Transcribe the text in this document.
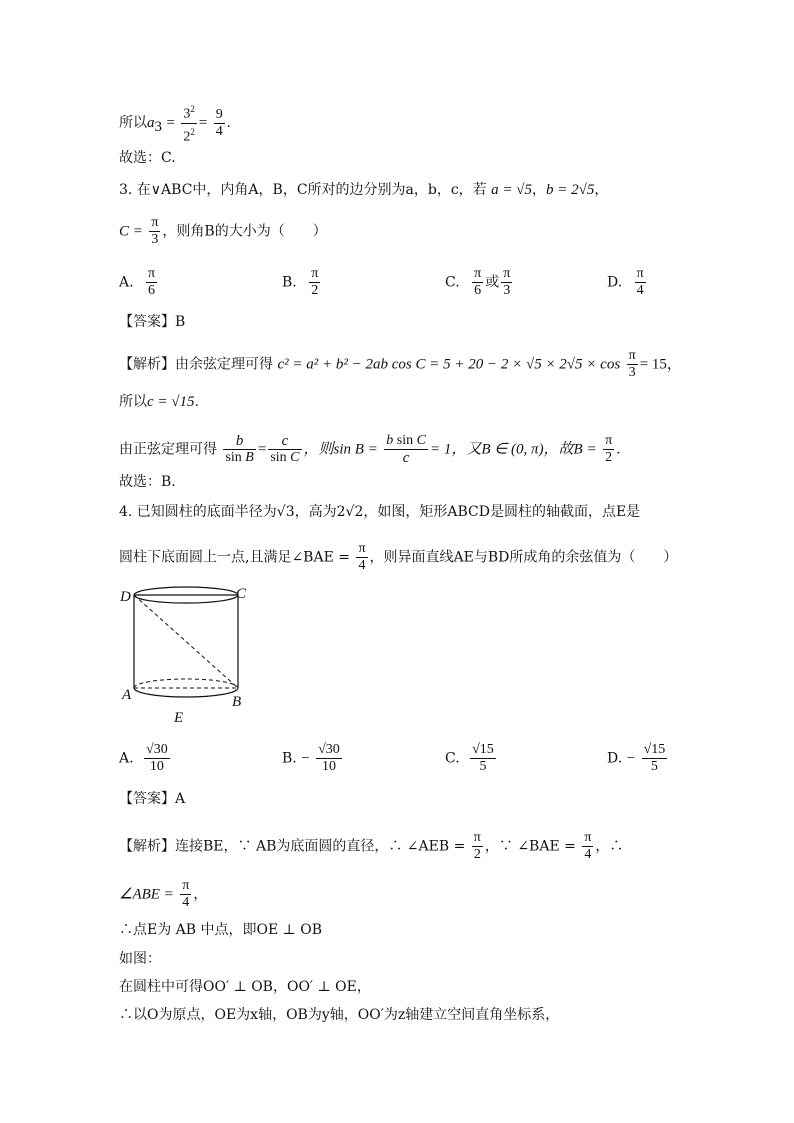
所以$a_3 = \frac{3^2}{2^2} = \frac{9}{4}$ .
故选：C.
3. 在∨ABC中，内角A，B，C所对的边分别为a，b，c，若 a = √5，b = 2√5，
$C = \frac{\pi}{3}$ ，则角B的大小为（　　）
A. $\frac{\pi}{6}$	B. $\frac{\pi}{2}$	C. $\frac{\pi}{6}$ 或 $\frac{\pi}{3}$	D. $\frac{\pi}{4}$
【答案】B
【解析】由余弦定理可得 c² = a² + b² − 2ab $\cos C = 5 + 20 - 2 \times √5 \times 2√5 \times \cos \frac{\pi}{3} = 15$，
所以c = √15.
由正弦定理可得 $\frac{b}{\text{sin B}} = \frac{c}{\text{sin C}}$ ，则$\sin B = \frac{\text{b sin C}}{c} = 1$，又B ∈ (0, π)，故$B = \frac{\pi}{2}$ .
故选：B.
4. 已知圆柱的底面半径为√3，高为2√2，如图，矩形ABCD是圆柱的轴截面，点E是
圆柱下底面圆上一点,且满足∠BAE = $\frac{\pi}{4}$ ，则异面直线AE与BD所成角的余弦值为（　　）
D	C
A	B
E
A. $\frac{√30}{10}$	B. − $\frac{√30}{10}$	C. $\frac{√15}{5}$	D. − $\frac{√15}{5}$
【答案】A
【解析】连接BE，∵ AB为底面圆的直径，∴ ∠AEB = $\frac{\pi}{2}$ ，∵ ∠BAE = $\frac{\pi}{4}$ ，∴
∠ABE = $\frac{\pi}{4}$ ，
∴点E为 AB 中点，即OE ⊥ OB
如图：
在圆柱中可得OO′ ⊥ OB，OO′ ⊥ OE，
∴以O为原点，OE为x轴，OB为y轴，OO′为z轴建立空间直角坐标系，
